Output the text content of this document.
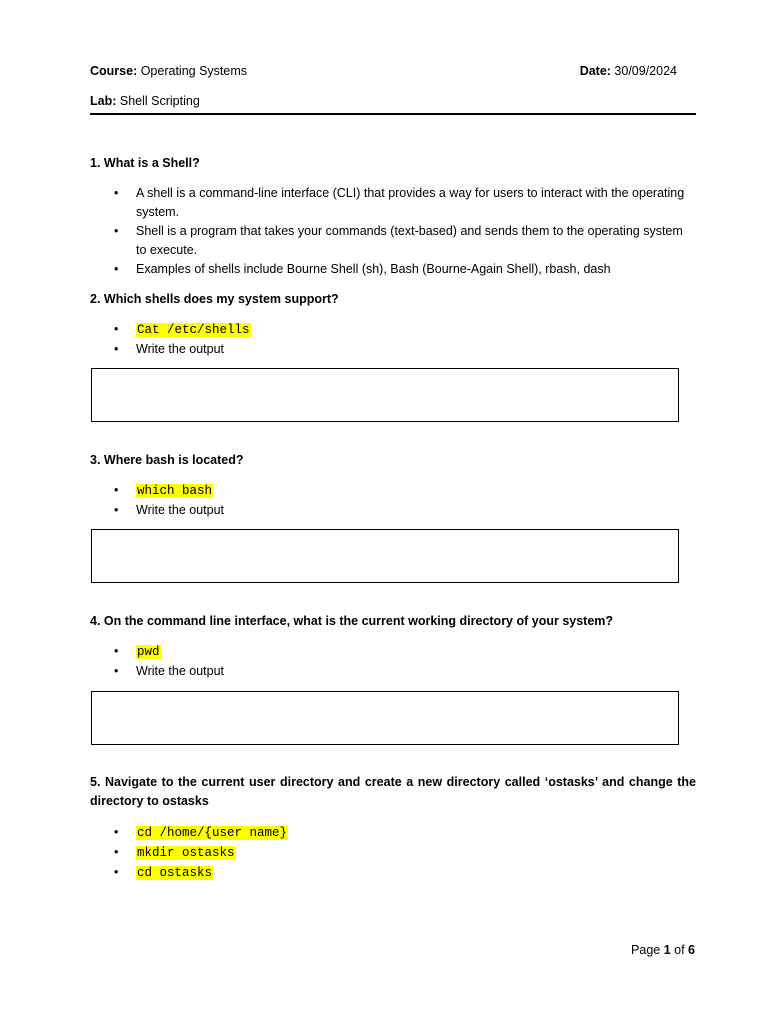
Course: Operating Systems	Date: 30/09/2024
Lab: Shell Scripting
1. What is a Shell?
• A shell is a command-line interface (CLI) that provides a way for users to interact with the operating system.
• Shell is a program that takes your commands (text-based) and sends them to the operating system to execute.
• Examples of shells include Bourne Shell (sh), Bash (Bourne-Again Shell), rbash, dash
2. Which shells does my system support?
• Cat /etc/shells
• Write the output
3. Where bash is located?
• which bash
• Write the output
4. On the command line interface, what is the current working directory of your system?
• pwd
• Write the output
5. Navigate to the current user directory and create a new directory called ‘ostasks’ and change the directory to ostasks
• cd /home/{user name}
• mkdir ostasks
• cd ostasks
Page 1 of 6
